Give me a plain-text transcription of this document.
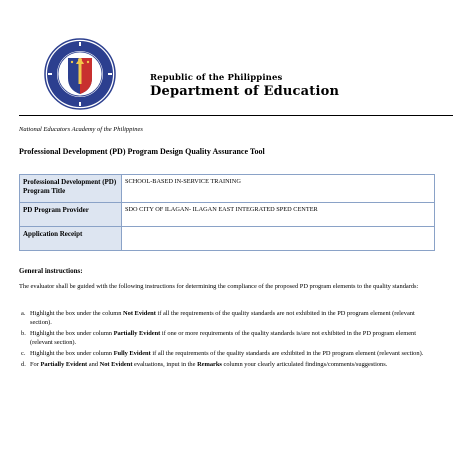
Republic of the Philippines
Department of Education
National Educators Academy of the Philippines
Professional Development (PD) Program Design Quality Assurance Tool
Professional Development (PD) Program Title	SCHOOL-BASED IN-SERVICE TRAINING
PD Program Provider	SDO CITY OF ILAGAN- ILAGAN EAST INTEGRATED SPED CENTER
Application Receipt	
General instructions:
The evaluator shall be guided with the following instructions for determining the compliance of the proposed PD program elements to the quality standards:
a. Highlight the box under the column Not Evident if all the requirements of the quality standards are not exhibited in the PD program element (relevant section).
b. Highlight the box under column Partially Evident if one or more requirements of the quality standards is/are not exhibited in the PD program element (relevant section).
c. Highlight the box under column Fully Evident if all the requirements of the quality standards are exhibited in the PD program element (relevant section).
d. For Partially Evident and Not Evident evaluations, input in the Remarks column your clearly articulated findings/comments/suggestions.
